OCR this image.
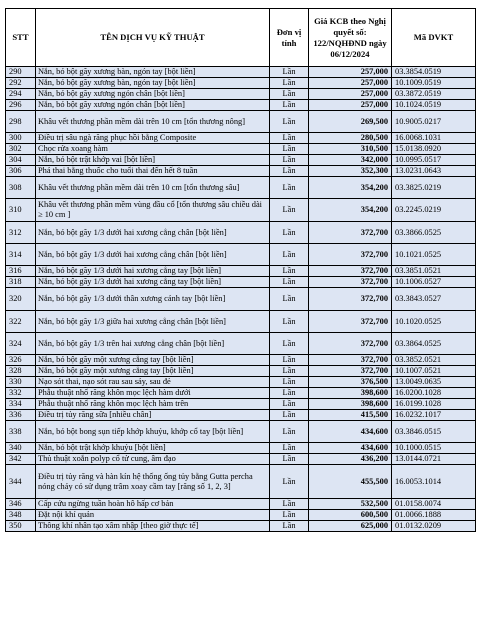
STT	TÊN DỊCH VỤ KỸ THUẬT	Đơn vị tính	Giá KCB theo Nghị quyết số: 122/NQHĐND ngày 06/12/2024	Mã DVKT
290	Nắn, bó bột gãy xương bàn, ngón tay [bột liền]	Lần	257,000	03.3854.0519
292	Nắn, bó bột gãy xương bàn, ngón tay [bột liền]	Lần	257,000	10.1009.0519
294	Nắn, bó bột gãy xương ngón chân [bột liền]	Lần	257,000	03.3872.0519
296	Nắn, bó bột gãy xương ngón chân [bột liền]	Lần	257,000	10.1024.0519
298	Khâu vết thương phần mềm dài trên 10 cm [tổn thương nông]	Lần	269,500	10.9005.0217
300	Điều trị sâu ngà răng phục hồi bằng Composite	Lần	280,500	16.0068.1031
302	Chọc rửa xoang hàm	Lần	310,500	15.0138.0920
304	Nắn, bó bột trật khớp vai [bột liền]	Lần	342,000	10.0995.0517
306	Phá thai bằng thuốc cho tuổi thai đến hết 8 tuần	Lần	352,300	13.0231.0643
308	Khâu vết thương phần mềm dài trên 10 cm [tổn thương sâu]	Lần	354,200	03.3825.0219
310	Khâu vết thương phần mềm vùng đầu cổ [tổn thương sâu chiều dài ≥ 10 cm ]	Lần	354,200	03.2245.0219
312	Nắn, bó bột gãy 1/3 dưới hai xương cẳng chân [bột liền]	Lần	372,700	03.3866.0525
314	Nắn, bó bột gãy 1/3 dưới hai xương cẳng chân [bột liền]	Lần	372,700	10.1021.0525
316	Nắn, bó bột gãy 1/3 dưới hai xương cẳng tay [bột liền]	Lần	372,700	03.3851.0521
318	Nắn, bó bột gãy 1/3 dưới hai xương cẳng tay [bột liền]	Lần	372,700	10.1006.0527
320	Nắn, bó bột gãy 1/3 dưới thân xương cánh tay [bột liền]	Lần	372,700	03.3843.0527
322	Nắn, bó bột gãy 1/3 giữa hai xương cẳng chân [bột liền]	Lần	372,700	10.1020.0525
324	Nắn, bó bột gãy 1/3 trên hai xương cẳng chân [bột liền]	Lần	372,700	03.3864.0525
326	Nắn, bó bột gãy một xương cẳng tay [bột liền]	Lần	372,700	03.3852.0521
328	Nắn, bó bột gãy một xương cẳng tay [bột liền]	Lần	372,700	10.1007.0521
330	Nạo sót thai, nạo sót rau sau sảy, sau đẻ	Lần	376,500	13.0049.0635
332	Phẫu thuật nhổ răng khôn mọc lệch hàm dưới	Lần	398,600	16.0200.1028
334	Phẫu thuật nhổ răng khôn mọc lệch hàm trên	Lần	398,600	16.0199.1028
336	Điều trị tủy răng sữa [nhiều chân]	Lần	415,500	16.0232.1017
338	Nắn, bó bột bong sụn tiếp khớp khuỷu, khớp cổ tay [bột liền]	Lần	434,600	03.3846.0515
340	Nắn, bó bột trật khớp khuỷu [bột liền]	Lần	434,600	10.1000.0515
342	Thủ thuật xoắn polyp cổ tử cung, âm đạo	Lần	436,200	13.0144.0721
344	Điều trị tủy răng và hàn kín hệ thống ống tủy bằng Gutta percha nóng chảy có sử dụng trâm xoay cầm tay [răng số 1, 2, 3]	Lần	455,500	16.0053.1014
346	Cấp cứu ngừng tuần hoàn hô hấp cơ bản	Lần	532,500	01.0158.0074
348	Đặt nội khí quản	Lần	600,500	01.0066.1888
350	Thông khí nhân tạo xâm nhập [theo giờ thực tế]	Lần	625,000	01.0132.0209
